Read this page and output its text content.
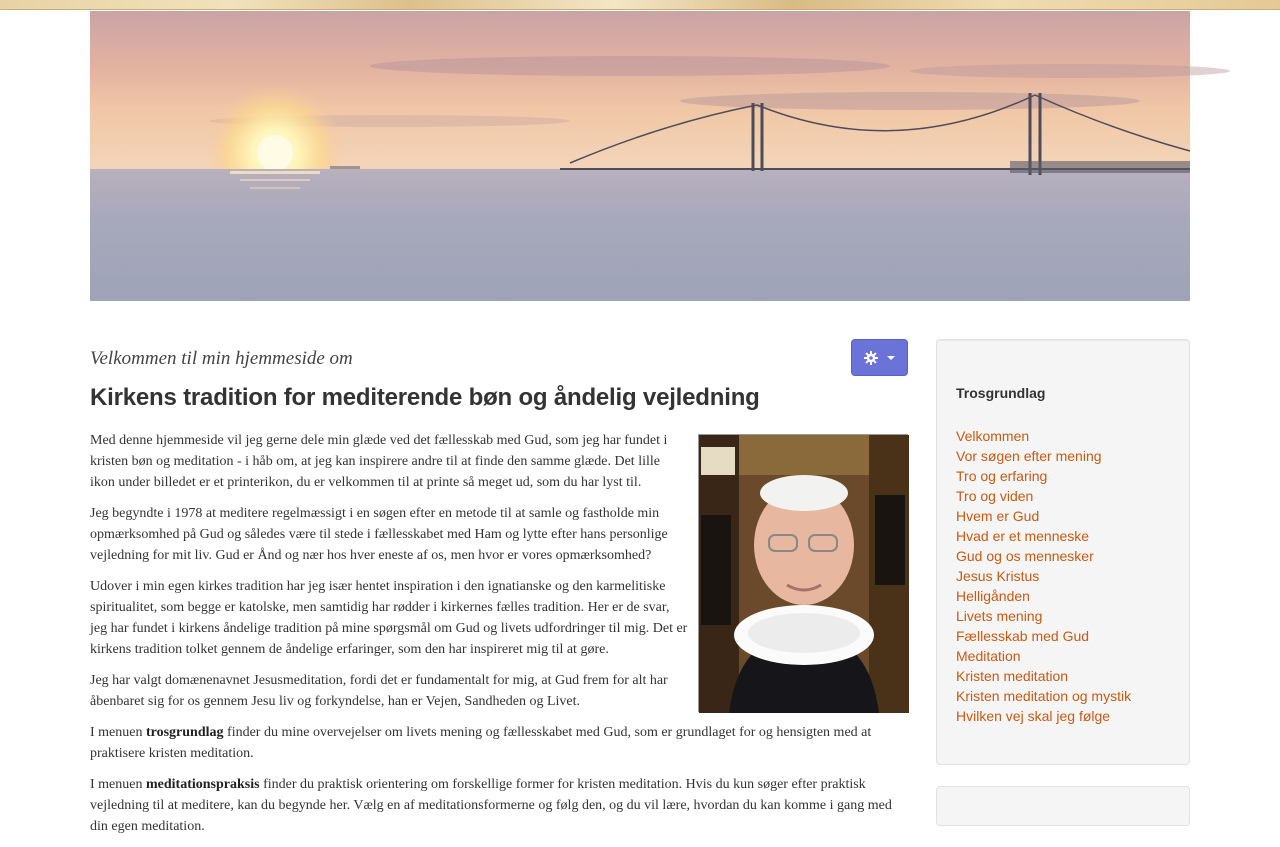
Velkommen til min hjemmeside om
Kirkens tradition for mediterende bøn og åndelig vejledning

Med denne hjemmeside vil jeg gerne dele min glæde ved det fællesskab med Gud, som jeg har fundet i kristen bøn og meditation - i håb om, at jeg kan inspirere andre til at finde den samme glæde. Det lille ikon under billedet er et printerikon, du er velkommen til at printe så meget ud, som du har lyst til.

Jeg begyndte i 1978 at meditere regelmæssigt i en søgen efter en metode til at samle og fastholde min opmærksomhed på Gud og således være til stede i fællesskabet med Ham og lytte efter hans personlige vejledning for mit liv. Gud er Ånd og nær hos hver eneste af os, men hvor er vores opmærksomhed?

Udover i min egen kirkes tradition har jeg især hentet inspiration i den ignatianske og den karmelitiske spiritualitet, som begge er katolske, men samtidig har rødder i kirkernes fælles tradition. Her er de svar, jeg har fundet i kirkens åndelige tradition på mine spørgsmål om Gud og livets udfordringer til mig. Det er kirkens tradition tolket gennem de åndelige erfaringer, som den har inspireret mig til at gøre.

Jeg har valgt domænenavnet Jesusmeditation, fordi det er fundamentalt for mig, at Gud frem for alt har åbenbaret sig for os gennem Jesu liv og forkyndelse, han er Vejen, Sandheden og Livet.

I menuen trosgrundlag finder du mine overvejelser om livets mening og fællesskabet med Gud, som er grundlaget for og hensigten med at praktisere kristen meditation.

I menuen meditationspraksis finder du praktisk orientering om forskellige former for kristen meditation. Hvis du kun søger efter praktisk vejledning til at meditere, kan du begynde her. Vælg en af meditationsformerne og følg den, og du vil lære, hvordan du kan komme i gang med din egen meditation.

Trosgrundlag
Velkommen
Vor søgen efter mening
Tro og erfaring
Tro og viden
Hvem er Gud
Hvad er et menneske
Gud og os mennesker
Jesus Kristus
Helligånden
Livets mening
Fællesskab med Gud
Meditation
Kristen meditation
Kristen meditation og mystik
Hvilken vej skal jeg følge
